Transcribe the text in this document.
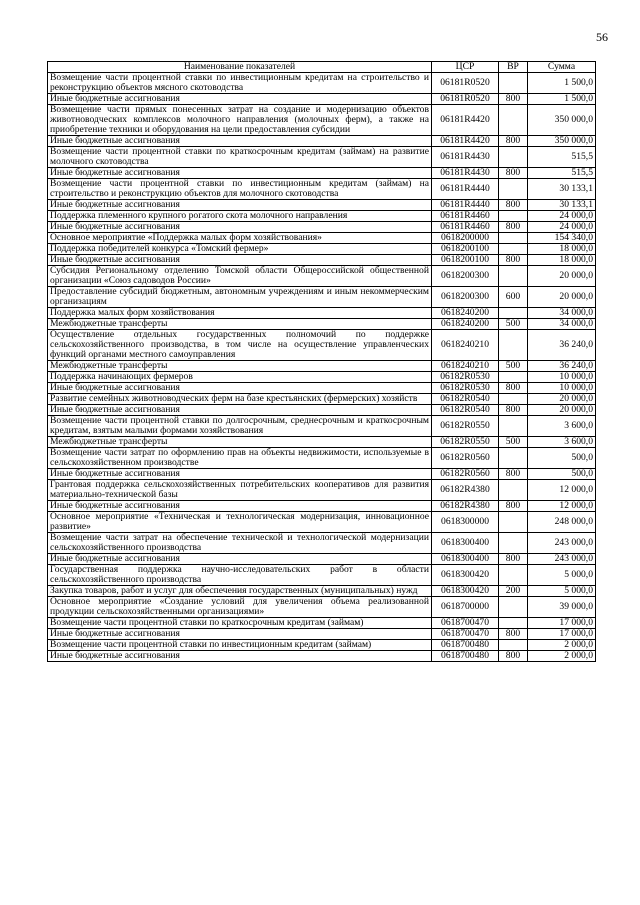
56
Наименование показателей	ЦСР	ВР	Сумма
Возмещение части процентной ставки по инвестиционным кредитам на строительство и реконструкцию объектов мясного скотоводства	06181R0520		1 500,0
Иные бюджетные ассигнования	06181R0520	800	1 500,0
Возмещение части прямых понесенных затрат на создание и модернизацию объектов животноводческих комплексов молочного направления (молочных ферм), а также на приобретение техники и оборудования на цели предоставления субсидии	06181R4420		350 000,0
Иные бюджетные ассигнования	06181R4420	800	350 000,0
Возмещение части процентной ставки по краткосрочным кредитам (займам) на развитие молочного скотоводства	06181R4430		515,5
Иные бюджетные ассигнования	06181R4430	800	515,5
Возмещение части процентной ставки по инвестиционным кредитам (займам) на строительство и реконструкцию объектов для молочного скотоводства	06181R4440		30 133,1
Иные бюджетные ассигнования	06181R4440	800	30 133,1
Поддержка племенного крупного рогатого скота молочного направления	06181R4460		24 000,0
Иные бюджетные ассигнования	06181R4460	800	24 000,0
Основное мероприятие «Поддержка малых форм хозяйствования»	0618200000		154 340,0
Поддержка победителей конкурса «Томский фермер»	0618200100		18 000,0
Иные бюджетные ассигнования	0618200100	800	18 000,0
Субсидия Региональному отделению Томской области Общероссийской общественной организации «Союз садоводов России»	0618200300		20 000,0
Предоставление субсидий бюджетным, автономным учреждениям и иным некоммерческим организациям	0618200300	600	20 000,0
Поддержка малых форм хозяйствования	0618240200		34 000,0
Межбюджетные трансферты	0618240200	500	34 000,0
Осуществление отдельных государственных полномочий по поддержке сельскохозяйственного производства, в том числе на осуществление управленческих функций органами местного самоуправления	0618240210		36 240,0
Межбюджетные трансферты	0618240210	500	36 240,0
Поддержка начинающих фермеров	06182R0530		10 000,0
Иные бюджетные ассигнования	06182R0530	800	10 000,0
Развитие семейных животноводческих ферм на базе крестьянских (фермерских) хозяйств	06182R0540		20 000,0
Иные бюджетные ассигнования	06182R0540	800	20 000,0
Возмещение части процентной ставки по долгосрочным, среднесрочным и краткосрочным кредитам, взятым малыми формами хозяйствования	06182R0550		3 600,0
Межбюджетные трансферты	06182R0550	500	3 600,0
Возмещение части затрат по оформлению прав на объекты недвижимости, используемые в сельскохозяйственном производстве	06182R0560		500,0
Иные бюджетные ассигнования	06182R0560	800	500,0
Грантовая поддержка сельскохозяйственных потребительских кооперативов для развития материально-технической базы	06182R4380		12 000,0
Иные бюджетные ассигнования	06182R4380	800	12 000,0
Основное мероприятие «Техническая и технологическая модернизация, инновационное развитие»	0618300000		248 000,0
Возмещение части затрат на обеспечение технической и технологической модернизации сельскохозяйственного производства	0618300400		243 000,0
Иные бюджетные ассигнования	0618300400	800	243 000,0
Государственная поддержка научно-исследовательских работ в области сельскохозяйственного производства	0618300420		5 000,0
Закупка товаров, работ и услуг для обеспечения государственных (муниципальных) нужд	0618300420	200	5 000,0
Основное мероприятие «Создание условий для увеличения объема реализованной продукции сельскохозяйственными организациями»	0618700000		39 000,0
Возмещение части процентной ставки по краткосрочным кредитам (займам)	0618700470		17 000,0
Иные бюджетные ассигнования	0618700470	800	17 000,0
Возмещение части процентной ставки по инвестиционным кредитам (займам)	0618700480		2 000,0
Иные бюджетные ассигнования	0618700480	800	2 000,0
